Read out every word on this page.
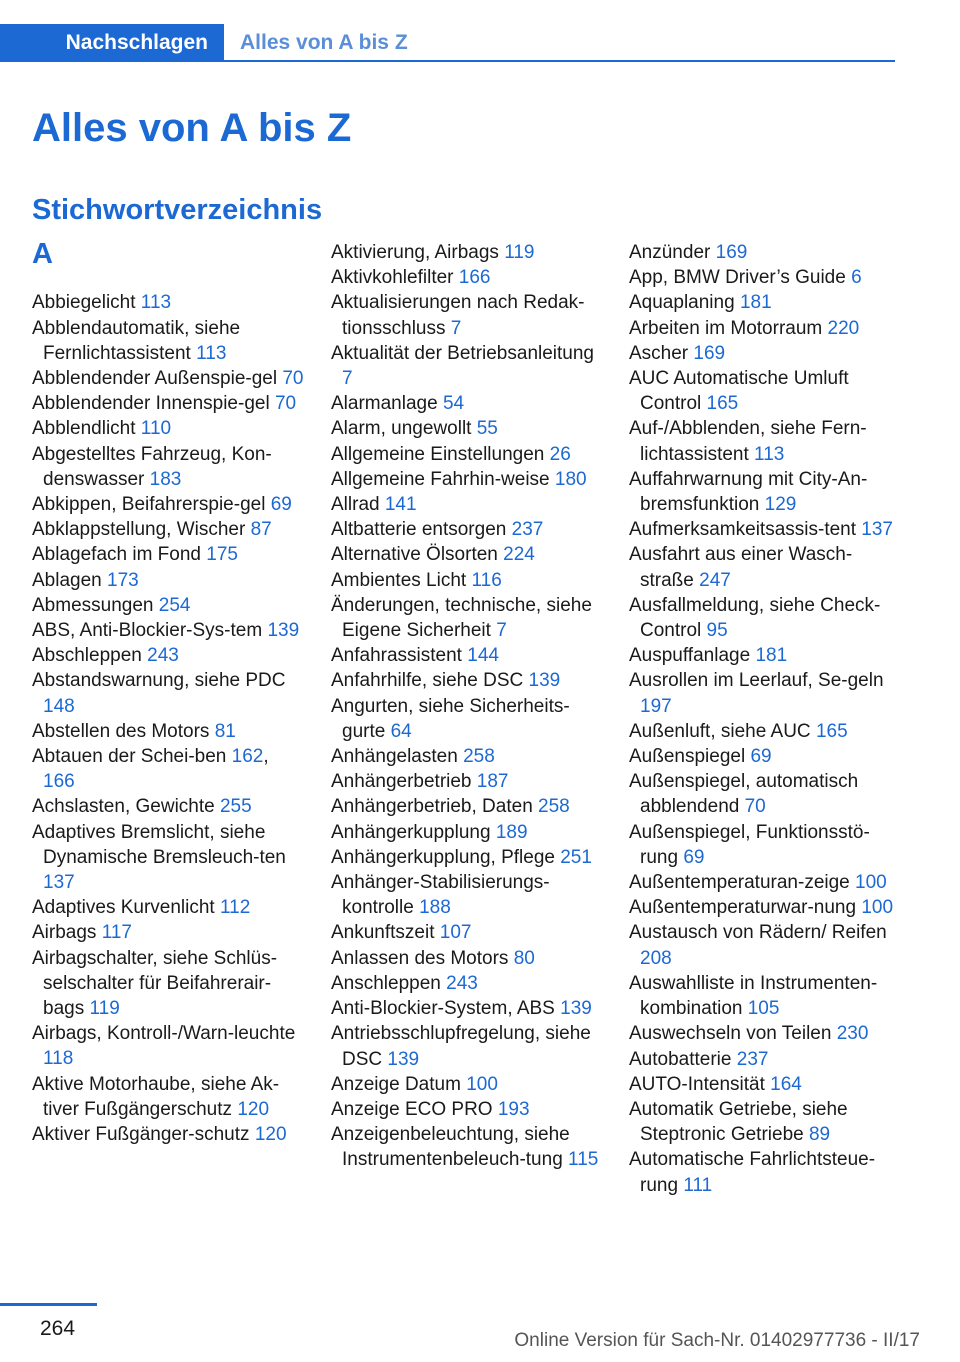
Nachschlagen	Alles von A bis Z
Alles von A bis Z
Stichwortverzeichnis
A
Abbiegelicht 113
Abblendautomatik, siehe Fernlichtassistent 113
Abblendender Außenspie-gel 70
Abblendender Innenspie-gel 70
Abblendlicht 110
Abgestelltes Fahrzeug, Kon-denswasser 183
Abkippen, Beifahrerspie-gel 69
Abklappstellung, Wischer 87
Ablagefach im Fond 175
Ablagen 173
Abmessungen 254
ABS, Anti-Blockier-Sys-tem 139
Abschleppen 243
Abstandswarnung, siehe PDC 148
Abstellen des Motors 81
Abtauen der Schei-ben 162, 166
Achslasten, Gewichte 255
Adaptives Bremslicht, siehe Dynamische Bremsleuch-ten 137
Adaptives Kurvenlicht 112
Airbags 117
Airbagschalter, siehe Schlüs-selschalter für Beifahrerair-bags 119
Airbags, Kontroll-/Warn-leuchte 118
Aktive Motorhaube, siehe Ak-tiver Fußgängerschutz 120
Aktiver Fußgänger-schutz 120
Aktivierung, Airbags 119
Aktivkohlefilter 166
Aktualisierungen nach Redak-tionsschluss 7
Aktualität der Betriebsanleitung 7
Alarmanlage 54
Alarm, ungewollt 55
Allgemeine Einstellungen 26
Allgemeine Fahrhin-weise 180
Allrad 141
Altbatterie entsorgen 237
Alternative Ölsorten 224
Ambientes Licht 116
Änderungen, technische, siehe Eigene Sicherheit 7
Anfahrassistent 144
Anfahrhilfe, siehe DSC 139
Angurten, siehe Sicherheits-gurte 64
Anhängelasten 258
Anhängerbetrieb 187
Anhängerbetrieb, Daten 258
Anhängerkupplung 189
Anhängerkupplung, Pflege 251
Anhänger-Stabilisierungs-kontrolle 188
Ankunftszeit 107
Anlassen des Motors 80
Anschleppen 243
Anti-Blockier-System, ABS 139
Antriebsschlupfregelung, siehe DSC 139
Anzeige Datum 100
Anzeige ECO PRO 193
Anzeigenbeleuchtung, siehe Instrumentenbeleuch-tung 115
Anzünder 169
App, BMW Driver’s Guide 6
Aquaplaning 181
Arbeiten im Motorraum 220
Ascher 169
AUC Automatische Umluft Control 165
Auf-/Abblenden, siehe Fern-lichtassistent 113
Auffahrwarnung mit City-An-bremsfunktion 129
Aufmerksamkeitsassis-tent 137
Ausfahrt aus einer Wasch-straße 247
Ausfallmeldung, siehe Check-Control 95
Auspuffanlage 181
Ausrollen im Leerlauf, Se-geln 197
Außenluft, siehe AUC 165
Außenspiegel 69
Außenspiegel, automatisch abblendend 70
Außenspiegel, Funktionsstö-rung 69
Außentemperaturan-zeige 100
Außentemperaturwar-nung 100
Austausch von Rädern/ Reifen 208
Auswahlliste in Instrumenten-kombination 105
Auswechseln von Teilen 230
Autobatterie 237
AUTO-Intensität 164
Automatik Getriebe, siehe Steptronic Getriebe 89
Automatische Fahrlichtsteue-rung 111
264
Online Version für Sach-Nr. 01402977736 - II/17
